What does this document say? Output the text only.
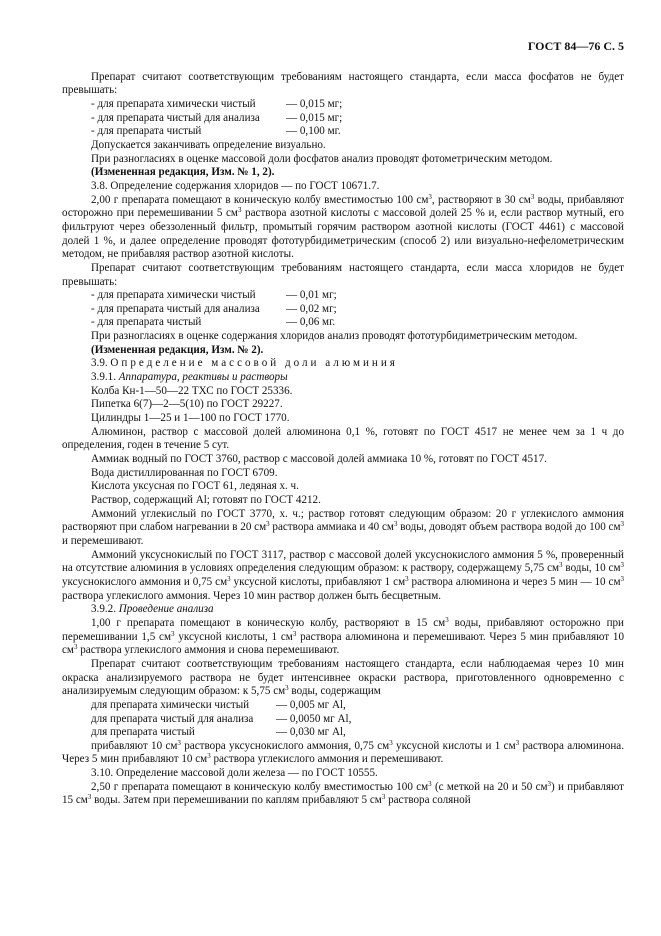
ГОСТ 84—76 С. 5

Препарат считают соответствующим требованиям настоящего стандарта, если масса фосфатов не будет превышать:

- для препарата химически чистый	— 0,015 мг;
- для препарата чистый для анализа	— 0,015 мг;
- для препарата чистый	— 0,100 мг.

Допускается заканчивать определение визуально.

При разногласиях в оценке массовой доли фосфатов анализ проводят фотометрическим методом.

(Измененная редакция, Изм. № 1, 2).

3.8. Определение содержания хлоридов — по ГОСТ 10671.7.

2,00 г препарата помещают в коническую колбу вместимостью 100 $см^3$, растворяют в 30 $см^3$ воды, прибавляют осторожно при перемешивании 5 $см^3$ раствора азотной кислоты с массовой долей 25 % и, если раствор мутный, его фильтруют через обеззоленный фильтр, промытый горячим раствором азотной кислоты (ГОСТ 4461) с массовой долей 1 %, и далее определение проводят фототурбидиметрическим (способ 2) или визуально-нефелометрическим методом, не прибавляя раствор азотной кислоты.

Препарат считают соответствующим требованиям настоящего стандарта, если масса хлоридов не будет превышать:

- для препарата химически чистый	— 0,01 мг;
- для препарата чистый для анализа	— 0,02 мг;
- для препарата чистый	— 0,06 мг.

При разногласиях в оценке содержания хлоридов анализ проводят фототурбидиметрическим методом.

(Измененная редакция, Изм. № 2).

3.9. Определение массовой доли алюминия

3.9.1. Аппаратура, реактивы и растворы

Колба Кн-1—50—22 ТХС по ГОСТ 25336.

Пипетка 6(7)—2—5(10) по ГОСТ 29227.

Цилиндры 1—25 и 1—100 по ГОСТ 1770.

Алюминон, раствор с массовой долей алюминона 0,1 %, готовят по ГОСТ 4517 не менее чем за 1 ч до определения, годен в течение 5 сут.

Аммиак водный по ГОСТ 3760, раствор с массовой долей аммиака 10 %, готовят по ГОСТ 4517.

Вода дистиллированная по ГОСТ 6709.

Кислота уксусная по ГОСТ 61, ледяная х. ч.

Раствор, содержащий Al; готовят по ГОСТ 4212.

Аммоний углекислый по ГОСТ 3770, х. ч.; раствор готовят следующим образом: 20 г углекислого аммония растворяют при слабом нагревании в 20 $см^3$ раствора аммиака и 40 $см^3$ воды, доводят объем раствора водой до 100 $см^3$ и перемешивают.

Аммоний уксуснокислый по ГОСТ 3117, раствор с массовой долей уксуснокислого аммония 5 %, проверенный на отсутствие алюминия в условиях определения следующим образом: к раствору, содержащему 5,75 $см^3$ воды, 10 $см^3$ уксуснокислого аммония и 0,75 $см^3$ уксусной кислоты, прибавляют 1 $см^3$ раствора алюминона и через 5 мин — 10 $см^3$ раствора углекислого аммония. Через 10 мин раствор должен быть бесцветным.

3.9.2. Проведение анализа

1,00 г препарата помещают в коническую колбу, растворяют в 15 $см^3$ воды, прибавляют осторожно при перемешивании 1,5 $см^3$ уксусной кислоты, 1 $см^3$ раствора алюминона и перемешивают. Через 5 мин прибавляют 10 $см^3$ раствора углекислого аммония и снова перемешивают.

Препарат считают соответствующим требованиям настоящего стандарта, если наблюдаемая через 10 мин окраска анализируемого раствора не будет интенсивнее окраски раствора, приготовленного одновременно с анализируемым следующим образом: к 5,75 $см^3$ воды, содержащим

для препарата химически чистый	— 0,005 мг Al,
для препарата чистый для анализа	— 0,0050 мг Al,
для препарата чистый	— 0,030 мг Al,

прибавляют 10 $см^3$ раствора уксуснокислого аммония, 0,75 $см^3$ уксусной кислоты и 1 $см^3$ раствора алюминона. Через 5 мин прибавляют 10 $см^3$ раствора углекислого аммония и перемешивают.

3.10. Определение массовой доли железа — по ГОСТ 10555.

2,50 г препарата помещают в коническую колбу вместимостью 100 $см^3$ (с меткой на 20 и 50 $см^3$) и прибавляют 15 $см^3$ воды. Затем при перемешивании по каплям прибавляют 5 $см^3$ раствора соляной
